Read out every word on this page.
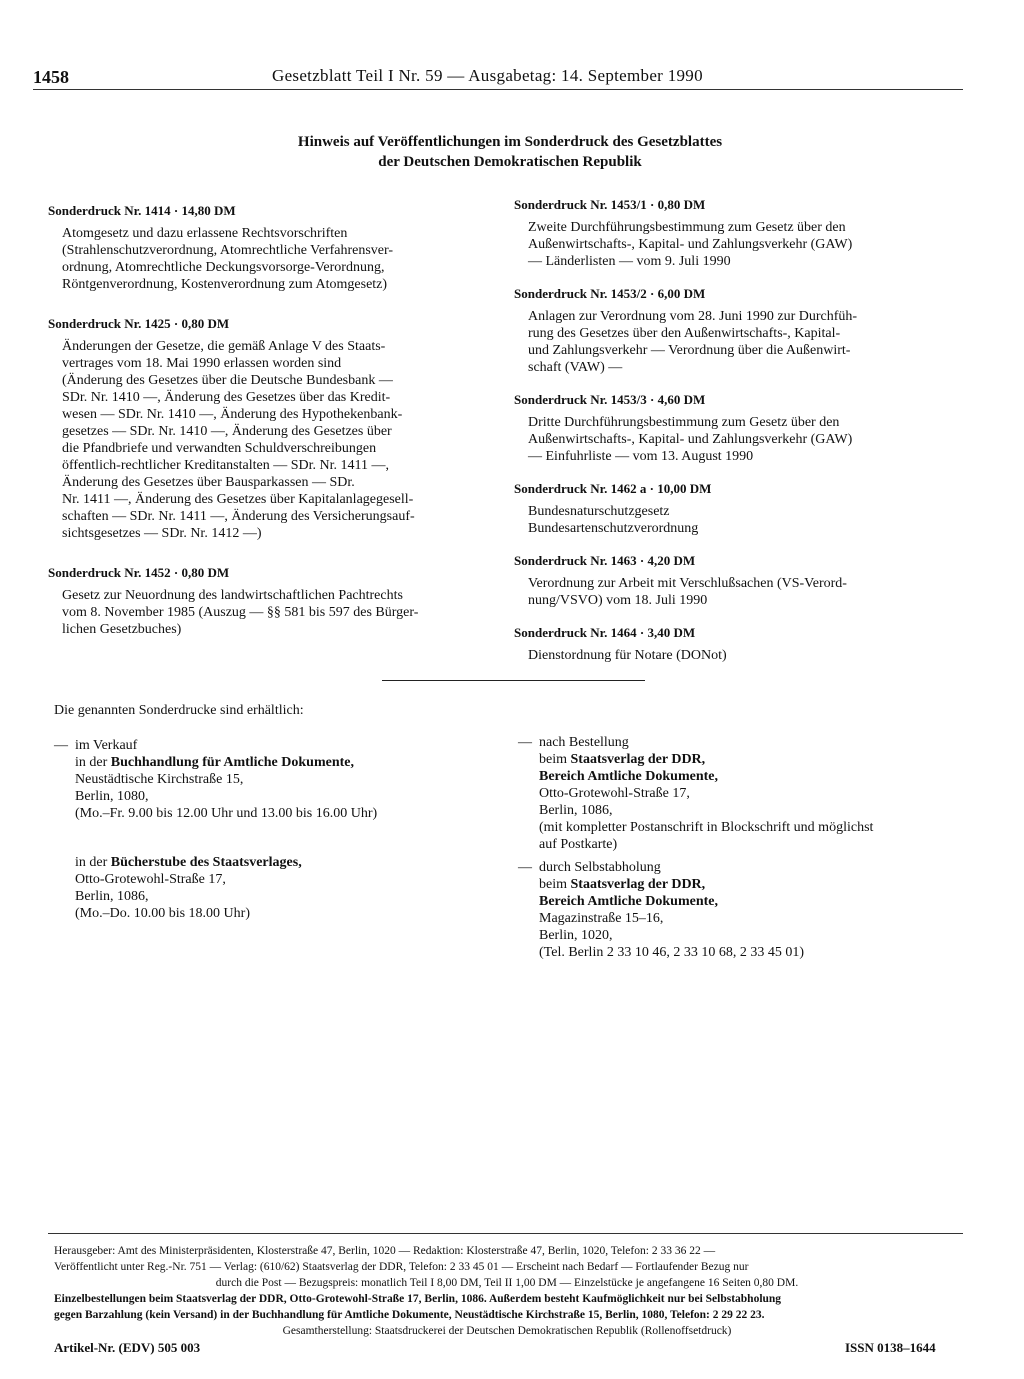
1458	Gesetzblatt Teil I Nr. 59 — Ausgabetag: 14. September 1990
Hinweis auf Veröffentlichungen im Sonderdruck des Gesetzblattes
der Deutschen Demokratischen Republik
Sonderdruck Nr. 1414 · 14,80 DM
Atomgesetz und dazu erlassene Rechtsvorschriften
(Strahlenschutzverordnung, Atomrechtliche Verfahrensver-
ordnung, Atomrechtliche Deckungsvorsorge-Verordnung,
Röntgenverordnung, Kostenverordnung zum Atomgesetz)
Sonderdruck Nr. 1425 · 0,80 DM
Änderungen der Gesetze, die gemäß Anlage V des Staats-
vertrages vom 18. Mai 1990 erlassen worden sind
(Änderung des Gesetzes über die Deutsche Bundesbank —
SDr. Nr. 1410 —, Änderung des Gesetzes über das Kredit-
wesen — SDr. Nr. 1410 —, Änderung des Hypothekenbank-
gesetzes — SDr. Nr. 1410 —, Änderung des Gesetzes über
die Pfandbriefe und verwandten Schuldverschreibungen
öffentlich-rechtlicher Kreditanstalten — SDr. Nr. 1411 —,
Änderung des Gesetzes über Bausparkassen — SDr.
Nr. 1411 —, Änderung des Gesetzes über Kapitalanlagegesell-
schaften — SDr. Nr. 1411 —, Änderung des Versicherungsauf-
sichtsgesetzes — SDr. Nr. 1412 —)
Sonderdruck Nr. 1452 · 0,80 DM
Gesetz zur Neuordnung des landwirtschaftlichen Pachtrechts
vom 8. November 1985 (Auszug — §§ 581 bis 597 des Bürger-
lichen Gesetzbuches)
Sonderdruck Nr. 1453/1 · 0,80 DM
Zweite Durchführungsbestimmung zum Gesetz über den
Außenwirtschafts-, Kapital- und Zahlungsverkehr (GAW)
— Länderlisten — vom 9. Juli 1990
Sonderdruck Nr. 1453/2 · 6,00 DM
Anlagen zur Verordnung vom 28. Juni 1990 zur Durchfüh-
rung des Gesetzes über den Außenwirtschafts-, Kapital-
und Zahlungsverkehr — Verordnung über die Außenwirt-
schaft (VAW) —
Sonderdruck Nr. 1453/3 · 4,60 DM
Dritte Durchführungsbestimmung zum Gesetz über den
Außenwirtschafts-, Kapital- und Zahlungsverkehr (GAW)
— Einfuhrliste — vom 13. August 1990
Sonderdruck Nr. 1462 a · 10,00 DM
Bundesnaturschutzgesetz
Bundesartenschutzverordnung
Sonderdruck Nr. 1463 · 4,20 DM
Verordnung zur Arbeit mit Verschlußsachen (VS-Verord-
nung/VSVO) vom 18. Juli 1990
Sonderdruck Nr. 1464 · 3,40 DM
Dienstordnung für Notare (DONot)
Die genannten Sonderdrucke sind erhältlich:
— im Verkauf
in der Buchhandlung für Amtliche Dokumente,
Neustädtische Kirchstraße 15,
Berlin, 1080,
(Mo.–Fr. 9.00 bis 12.00 Uhr und 13.00 bis 16.00 Uhr)
in der Bücherstube des Staatsverlages,
Otto-Grotewohl-Straße 17,
Berlin, 1086,
(Mo.–Do. 10.00 bis 18.00 Uhr)
— nach Bestellung
beim Staatsverlag der DDR,
Bereich Amtliche Dokumente,
Otto-Grotewohl-Straße 17,
Berlin, 1086,
(mit kompletter Postanschrift in Blockschrift und möglichst
auf Postkarte)
— durch Selbstabholung
beim Staatsverlag der DDR,
Bereich Amtliche Dokumente,
Magazinstraße 15–16,
Berlin, 1020,
(Tel. Berlin 2 33 10 46, 2 33 10 68, 2 33 45 01)
Herausgeber: Amt des Ministerpräsidenten, Klosterstraße 47, Berlin, 1020 — Redaktion: Klosterstraße 47, Berlin, 1020, Telefon: 2 33 36 22 —
Veröffentlicht unter Reg.-Nr. 751 — Verlag: (610/62) Staatsverlag der DDR, Telefon: 2 33 45 01 — Erscheint nach Bedarf — Fortlaufender Bezug nur
durch die Post — Bezugspreis: monatlich Teil I 8,00 DM, Teil II 1,00 DM — Einzelstücke je angefangene 16 Seiten 0,80 DM.
Einzelbestellungen beim Staatsverlag der DDR, Otto-Grotewohl-Straße 17, Berlin, 1086. Außerdem besteht Kaufmöglichkeit nur bei Selbstabholung
gegen Barzahlung (kein Versand) in der Buchhandlung für Amtliche Dokumente, Neustädtische Kirchstraße 15, Berlin, 1080, Telefon: 2 29 22 23.
Gesamtherstellung: Staatsdruckerei der Deutschen Demokratischen Republik (Rollenoffsetdruck)
Artikel-Nr. (EDV) 505 003	ISSN 0138–1644
